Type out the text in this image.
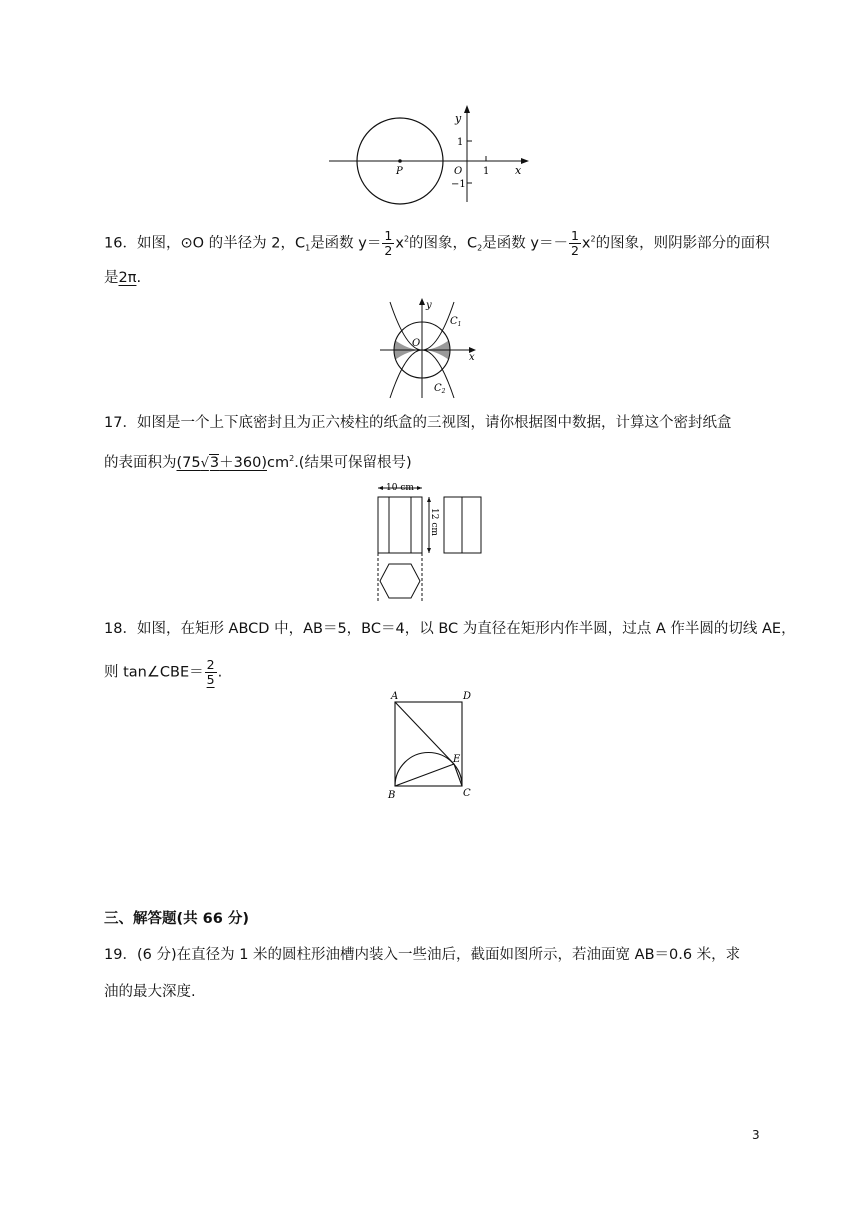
y
x
O
P
1
−1
1
16．如图，⊙O 的半径为 2，$C_1$是函数 $y= \frac{1}{2} x^2$的图象，$C_2$是函数 $y=- \frac{1}{2} x^2$的图象，则阴影部分的面积
是2π.
y
x
O
$C_1$
$C_2$
17．如图是一个上下底密封且为正六棱柱的纸盒的三视图，请你根据图中数据，计算这个密封纸盒
的表面积为$(75√3+360)cm^2$.(结果可保留根号)
10 cm
12 cm
18．如图，在矩形 ABCD 中，AB＝5，BC＝4，以 BC 为直径在矩形内作半圆，过点 A 作半圆的切线 AE，
则 tan∠CBE＝ $\frac{2}{5}$ .
A	D
B	C
E
三、解答题(共 66 分)
19．(6 分)在直径为 1 米的圆柱形油槽内装入一些油后，截面如图所示，若油面宽 AB＝0.6 米，求
油的最大深度.
3
